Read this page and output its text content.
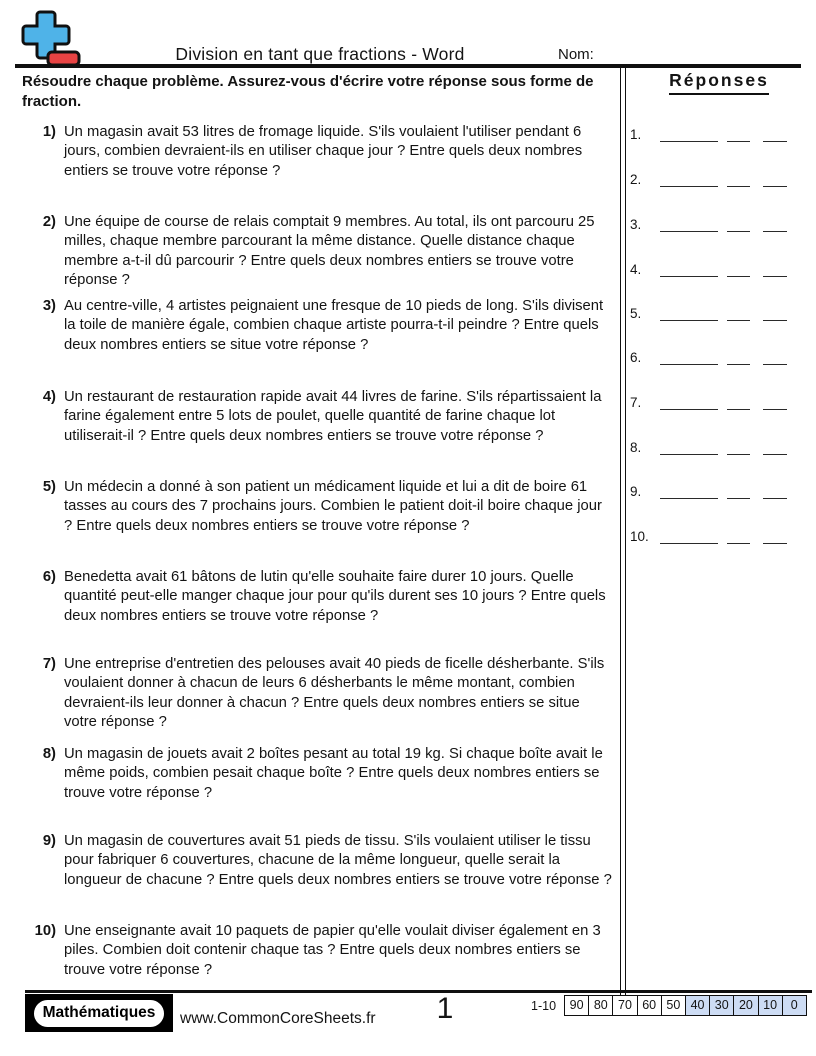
Division en tant que fractions - Word	Nom:
Résoudre chaque problème. Assurez-vous d'écrire votre réponse sous forme de fraction.
1) Un magasin avait 53 litres de fromage liquide. S'ils voulaient l'utiliser pendant 6 jours, combien devraient-ils en utiliser chaque jour ? Entre quels deux nombres entiers se trouve votre réponse ?
2) Une équipe de course de relais comptait 9 membres. Au total, ils ont parcouru 25 milles, chaque membre parcourant la même distance. Quelle distance chaque membre a-t-il dû parcourir ? Entre quels deux nombres entiers se trouve votre réponse ?
3) Au centre-ville, 4 artistes peignaient une fresque de 10 pieds de long. S'ils divisent la toile de manière égale, combien chaque artiste pourra-t-il peindre ? Entre quels deux nombres entiers se situe votre réponse ?
4) Un restaurant de restauration rapide avait 44 livres de farine. S'ils répartissaient la farine également entre 5 lots de poulet, quelle quantité de farine chaque lot utiliserait-il ? Entre quels deux nombres entiers se trouve votre réponse ?
5) Un médecin a donné à son patient un médicament liquide et lui a dit de boire 61 tasses au cours des 7 prochains jours. Combien le patient doit-il boire chaque jour ? Entre quels deux nombres entiers se trouve votre réponse ?
6) Benedetta avait 61 bâtons de lutin qu'elle souhaite faire durer 10 jours. Quelle quantité peut-elle manger chaque jour pour qu'ils durent ses 10 jours ? Entre quels deux nombres entiers se trouve votre réponse ?
7) Une entreprise d'entretien des pelouses avait 40 pieds de ficelle désherbante. S'ils voulaient donner à chacun de leurs 6 désherbants le même montant, combien devraient-ils leur donner à chacun ? Entre quels deux nombres entiers se situe votre réponse ?
8) Un magasin de jouets avait 2 boîtes pesant au total 19 kg. Si chaque boîte avait le même poids, combien pesait chaque boîte ? Entre quels deux nombres entiers se trouve votre réponse ?
9) Un magasin de couvertures avait 51 pieds de tissu. S'ils voulaient utiliser le tissu pour fabriquer 6 couvertures, chacune de la même longueur, quelle serait la longueur de chacune ? Entre quels deux nombres entiers se trouve votre réponse ?
10) Une enseignante avait 10 paquets de papier qu'elle voulait diviser également en 3 piles. Combien doit contenir chaque tas ? Entre quels deux nombres entiers se trouve votre réponse ?
Réponses
1.
2.
3.
4.
5.
6.
7.
8.
9.
10.
Mathématiques	www.CommonCoreSheets.fr	1	1-10	90 80 70 60 50 40 30 20 10	0
